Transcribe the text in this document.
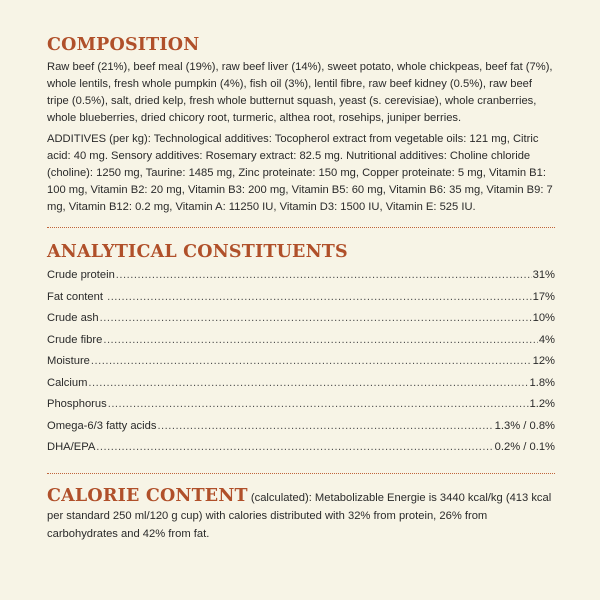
COMPOSITION

Raw beef (21%), beef meal (19%), raw beef liver (14%), sweet potato, whole chickpeas, beef fat (7%), whole lentils, fresh whole pumpkin (4%), fish oil (3%), lentil fibre, raw beef kidney (0.5%), raw beef tripe (0.5%), salt, dried kelp, fresh whole butternut squash, yeast (s. cerevisiae), whole cranberries, whole blueberries, dried chicory root, turmeric, althea root, rosehips, juniper berries.

ADDITIVES (per kg): Technological additives: Tocopherol extract from vegetable oils: 121 mg, Citric acid: 40 mg. Sensory additives: Rosemary extract: 82.5 mg. Nutritional additives: Choline chloride (choline): 1250 mg, Taurine: 1485 mg, Zinc proteinate: 150 mg, Copper proteinate: 5 mg, Vitamin B1: 100 mg, Vitamin B2: 20 mg, Vitamin B3: 200 mg, Vitamin B5: 60 mg, Vitamin B6: 35 mg, Vitamin B9: 7 mg, Vitamin B12: 0.2 mg, Vitamin A: 11250 IU, Vitamin D3: 1500 IU, Vitamin E: 525 IU.

ANALYTICAL CONSTITUENTS
Crude protein .....	31%
Fat content .....	17%
Crude ash .....	10%
Crude fibre .....	4%
Moisture .....	12%
Calcium .....	1.8%
Phosphorus .....	1.2%
Omega-6/3 fatty acids .....	1.3% / 0.8%
DHA/EPA .....	0.2% / 0.1%

CALORIE CONTENT (calculated): Metabolizable Energie is 3440 kcal/kg (413 kcal per standard 250 ml/120 g cup) with calories distributed with 32% from protein, 26% from carbohydrates and 42% from fat.
